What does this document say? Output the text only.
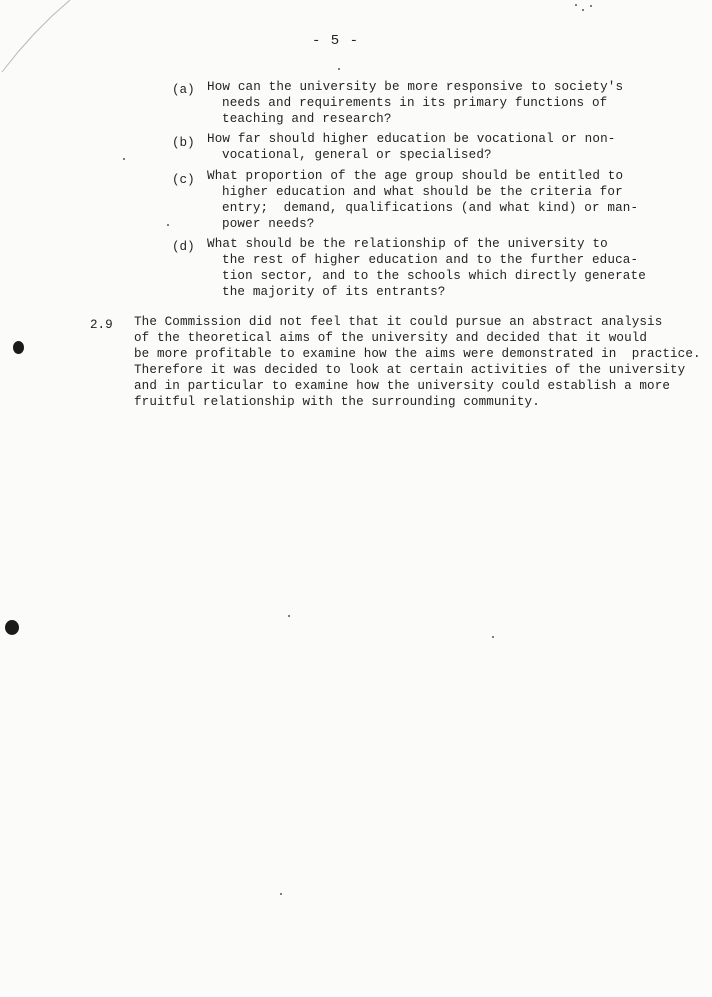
- 5 -
(a) How can the university be more responsive to society's
needs and requirements in its primary functions of
teaching and research?
(b) How far should higher education be vocational or non-
vocational, general or specialised?
(c) What proportion of the age group should be entitled to
higher education and what should be the criteria for
entry;  demand, qualifications (and what kind) or man-
power needs?
(d) What should be the relationship of the university to
the rest of higher education and to the further educa-
tion sector, and to the schools which directly generate
the majority of its entrants?
2.9 The Commission did not feel that it could pursue an abstract analysis
of the theoretical aims of the university and decided that it would
be more profitable to examine how the aims were demonstrated in  practice.
Therefore it was decided to look at certain activities of the university
and in particular to examine how the university could establish a more
fruitful relationship with the surrounding community.
